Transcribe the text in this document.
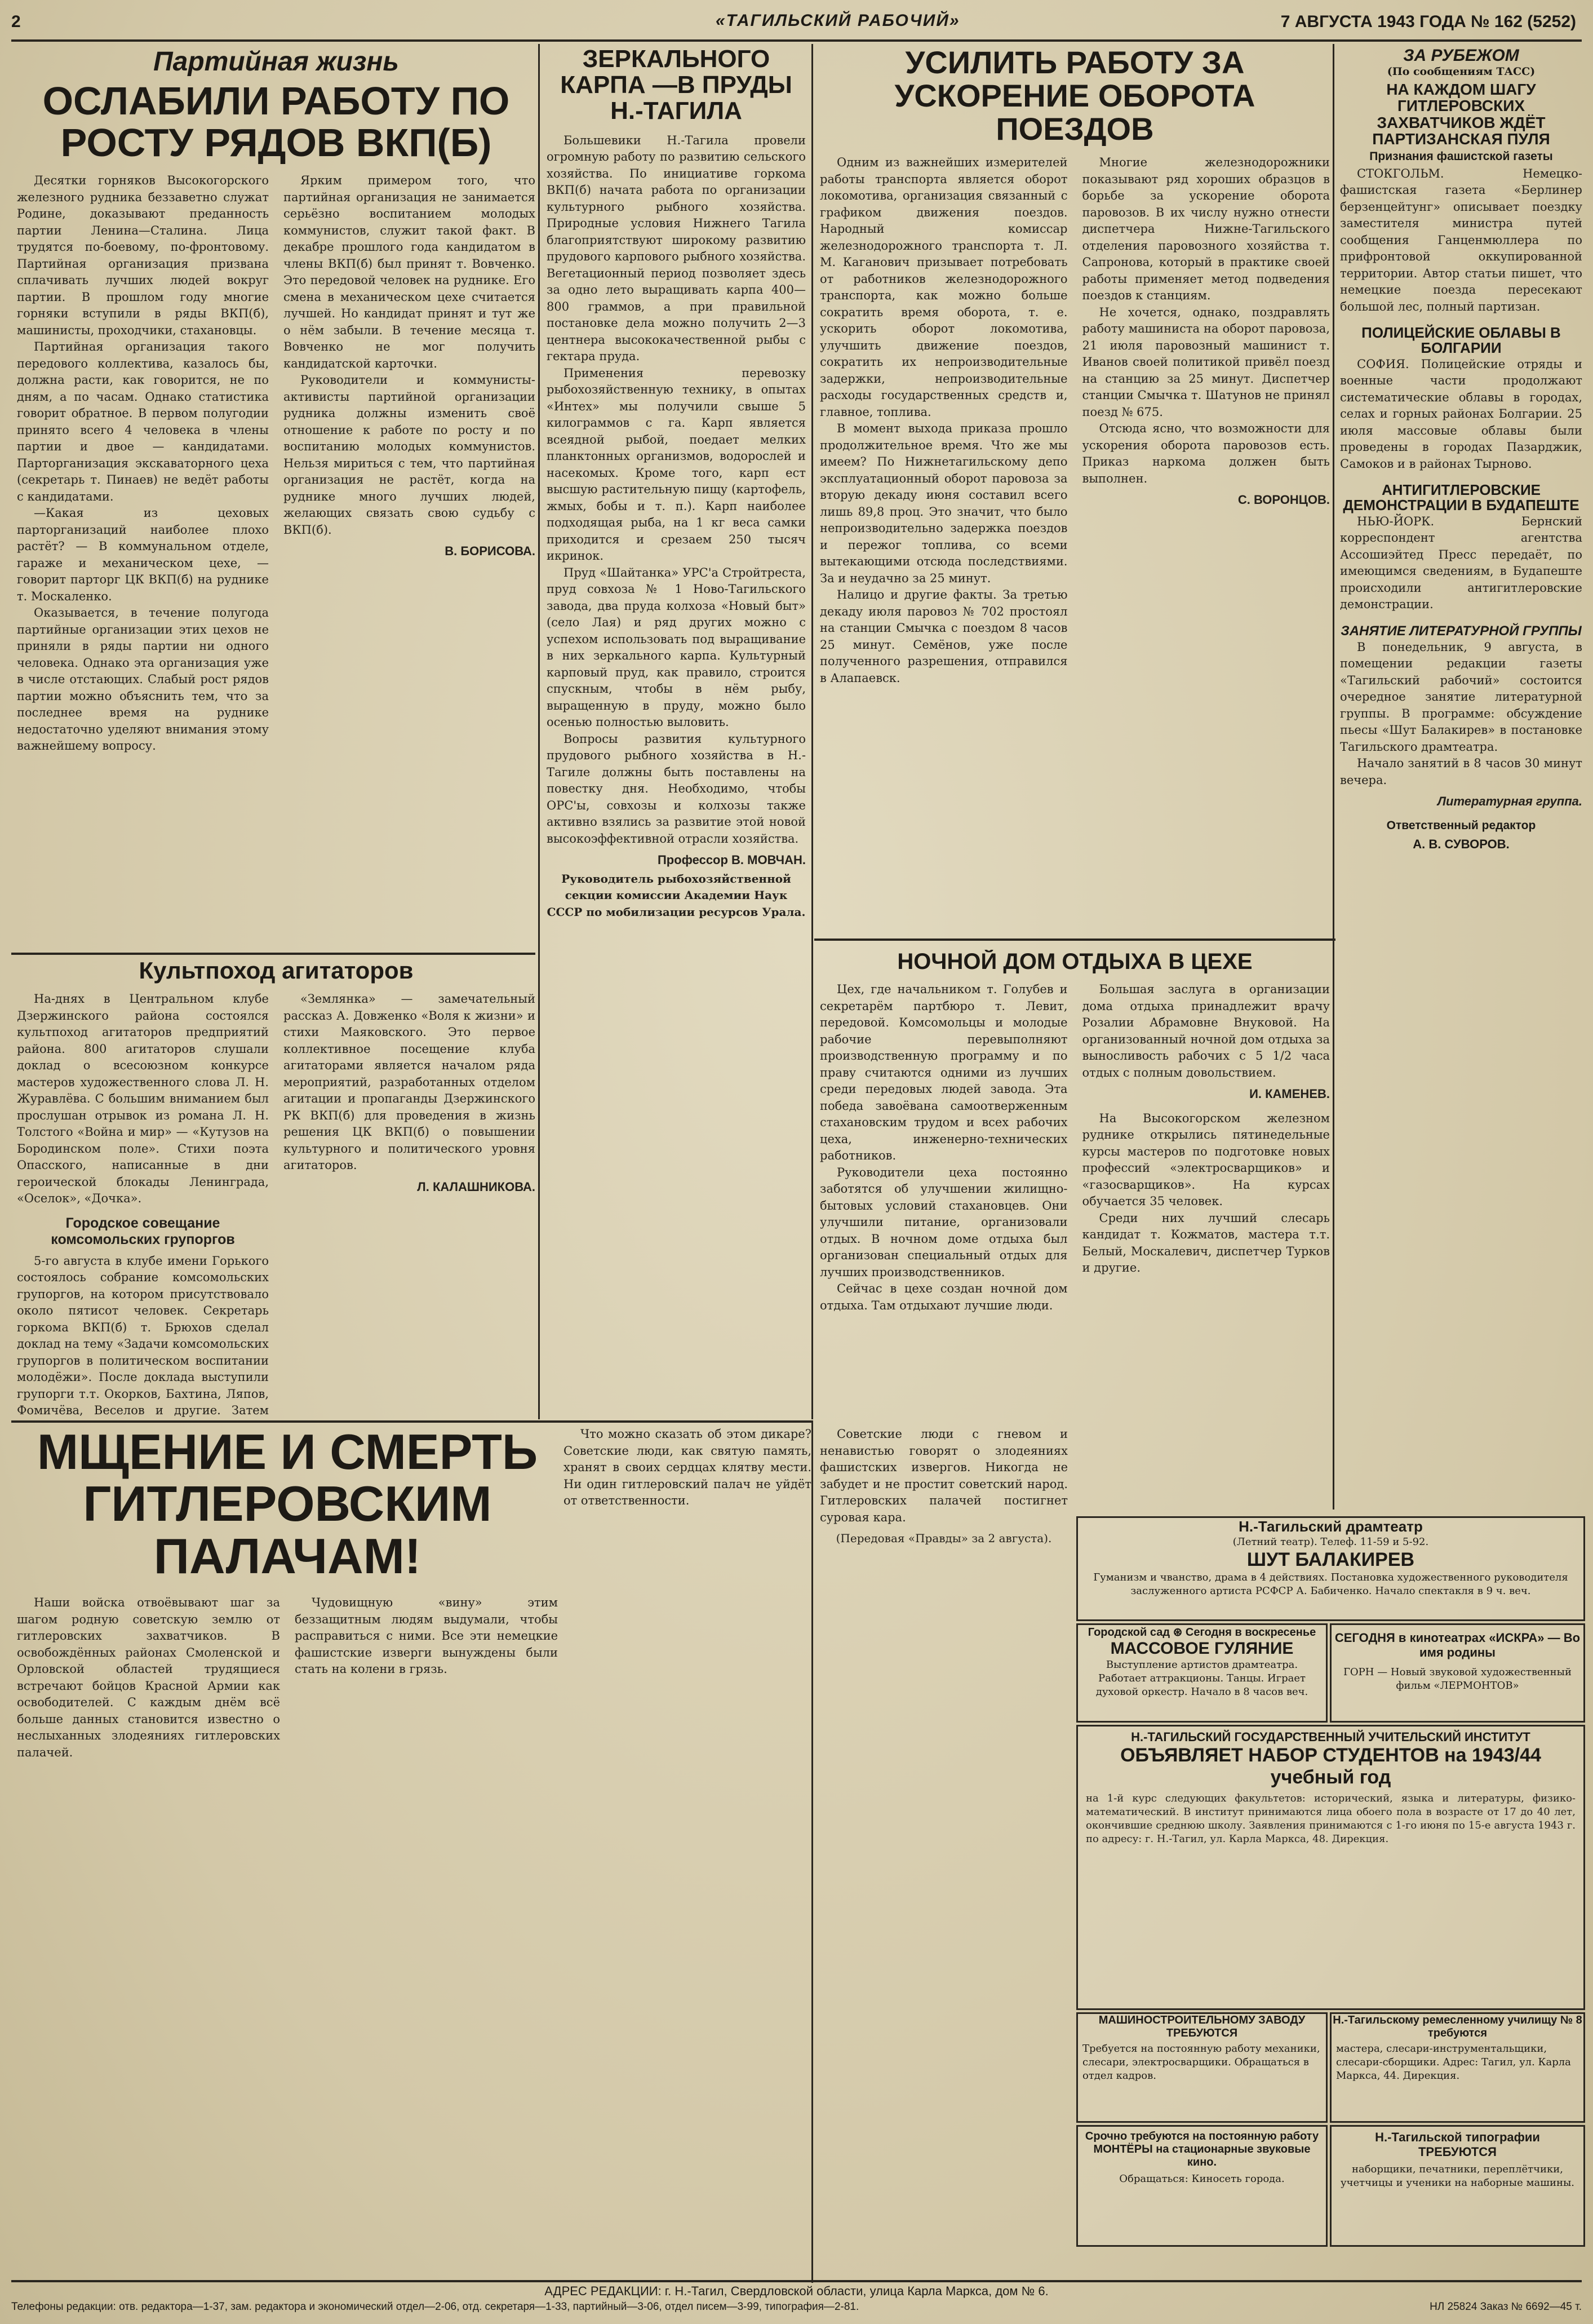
2	«ТАГИЛЬСКИЙ РАБОЧИЙ»	7 АВГУСТА 1943 ГОДА № 162 (5252)
Партийная жизнь
ОСЛАБИЛИ РАБОТУ ПО РОСТУ РЯДОВ ВКП(Б)

Десятки горняков Высокогорского железного рудника беззаветно служат Родине, доказывают преданность партии Ленина—Сталина. Лица трудятся по-боевому, по-фронтовому. Партийная организация призвана сплачивать лучших людей вокруг партии. В прошлом году многие горняки вступили в ряды ВКП(б), машинисты, проходчики, стахановцы.

Партийная организация такого передового коллектива, казалось бы, должна расти, как говорится, не по дням, а по часам. Однако статистика говорит обратное. В первом полугодии принято всего 4 человека в члены партии и двое — кандидатами. Парторганизация экскаваторного цеха (секретарь т. Пинаев) не ведёт работы с кандидатами.

—Какая из цеховых парторганизаций наиболее плохо растёт? — В коммунальном отделе, гараже и механическом цехе, — говорит парторг ЦК ВКП(б) на руднике т. Москаленко.

Оказывается, в течение полугода партийные организации этих цехов не приняли в ряды партии ни одного человека. Однако эта организация уже в числе отстающих. Слабый рост рядов партии можно объяснить тем, что за последнее время на руднике недостаточно уделяют внимания этому важнейшему вопросу.

Ярким примером того, что партийная организация не занимается серьёзно воспитанием молодых коммунистов, служит такой факт. В декабре прошлого года кандидатом в члены ВКП(б) был принят т. Вовченко. Это передовой человек на руднике. Его смена в механическом цехе считается лучшей. Но кандидат принят и тут же о нём забыли. В течение месяца т. Вовченко не мог получить кандидатской карточки.

Руководители и коммунисты-активисты партийной организации рудника должны изменить своё отношение к работе по росту и по воспитанию молодых коммунистов. Нельзя мириться с тем, что партийная организация не растёт, когда на руднике много лучших людей, желающих связать свою судьбу с ВКП(б).

В. БОРИСОВА.
Культпоход агитаторов

На-днях в Центральном клубе Дзержинского района состоялся культпоход агитаторов предприятий района. 800 агитаторов слушали доклад о всесоюзном конкурсе мастеров художественного слова Л. Н. Журавлёва. С большим вниманием был прослушан отрывок из романа Л. Н. Толстого «Война и мир» — «Кутузов на Бородинском поле». Стихи поэта Опасского, написанные в дни героической блокады Ленинграда, «Оселок», «Дочка».

Городское совещание комсомольских групоргов

5-го августа в клубе имени Горького состоялось собрание комсомольских групоргов, на котором присутствовало около пятисот человек. Секретарь горкома ВКП(б) т. Брюхов сделал доклад на тему «Задачи комсомольских групоргов в политическом воспитании молодёжи». После доклада выступили групорги т.т. Окорков, Бахтина, Ляпов, Фомичёва, Веселов и другие. Затем

«Землянка» — замечательный рассказ А. Довженко «Воля к жизни» и стихи Маяковского. Это первое коллективное посещение клуба агитаторами является началом ряда мероприятий, разработанных отделом агитации и пропаганды Дзержинского РК ВКП(б) для проведения в жизнь решения ЦК ВКП(б) о повышении культурного и политического уровня агитаторов.

Л. КАЛАШНИКОВА.
ЗЕРКАЛЬНОГО КАРПА —В ПРУДЫ Н.-ТАГИЛА

Большевики Н.-Тагила провели огромную работу по развитию сельского хозяйства. По инициативе горкома ВКП(б) начата работа по организации культурного рыбного хозяйства. Природные условия Нижнего Тагила благоприятствуют широкому развитию прудового карпового рыбного хозяйства. Вегетационный период позволяет здесь за одно лето выращивать карпа 400—800 граммов, а при правильной постановке дела можно получить 2—3 центнера высококачественной рыбы с гектара пруда.

Применения перевозку рыбохозяйственную технику, в опытах «Интех» мы получили свыше 5 килограммов с га. Карп является всеядной рыбой, поедает мелких планктонных организмов, водорослей и насекомых. Кроме того, карп ест высшую растительную пищу (картофель, жмых, бобы и т. п.). Карп наиболее подходящая рыба, на 1 кг веса самки приходится и срезаем 250 тысяч икринок.

Пруд «Шайтанка» УРС'а Стройтреста, пруд совхоза № 1 Ново-Тагильского завода, два пруда колхоза «Новый быт» (село Лая) и ряд других можно с успехом использовать под выращивание в них зеркального карпа. Культурный карповый пруд, как правило, строится спускным, чтобы в нём рыбу, выращенную в пруду, можно было осенью полностью выловить.

Вопросы развития культурного прудового рыбного хозяйства в Н.-Тагиле должны быть поставлены на повестку дня. Необходимо, чтобы ОРС'ы, совхозы и колхозы также активно взялись за развитие этой новой высокоэффективной отрасли хозяйства.

Профессор В. МОВЧАН.
Руководитель рыбохозяйственной секции комиссии Академии Наук СССР по мобилизации ресурсов Урала.
УСИЛИТЬ РАБОТУ ЗА УСКОРЕНИЕ ОБОРОТА ПОЕЗДОВ

Одним из важнейших измерителей работы транспорта является оборот локомотива, организация связанный с графиком движения поездов. Народный комиссар железнодорожного транспорта т. Л. М. Каганович призывает потребовать от работников железнодорожного транспорта, как можно больше сократить время оборота, т. е. ускорить оборот локомотива, улучшить движение поездов, сократить их непроизводительные задержки, непроизводительные расходы государственных средств и, главное, топлива.

В момент выхода приказа прошло продолжительное время. Что же мы имеем? По Нижнетагильскому депо эксплуатационный оборот паровоза за вторую декаду июня составил всего лишь 89,8 проц. Это значит, что было непроизводительно задержка поездов и пережог топлива, со всеми вытекающими отсюда последствиями. За и неудачно за 25 минут.

Налицо и другие факты. За третью декаду июля паровоз № 702 простоял на станции Смычка с поездом 8 часов 25 минут. Семёнов, уже после полученного разрешения, отправился в Алапаевск.

Многие железнодорожники показывают ряд хороших образцов в борьбе за ускорение оборота паровозов. В их числу нужно отнести диспетчера Нижне-Тагильского отделения паровозного хозяйства т. Сапронова, который в практике своей работы применяет метод подведения поездов к станциям.

Не хочется, однако, поздравлять работу машиниста на оборот паровоза, 21 июля паровозный машинист т. Иванов своей политикой привёл поезд на станцию за 25 минут. Диспетчер станции Смычка т. Шатунов не принял поезд № 675.

Отсюда ясно, что возможности для ускорения оборота паровозов есть. Приказ наркома должен быть выполнен.

С. ВОРОНЦОВ.
НОЧНОЙ ДОМ ОТДЫХА В ЦЕХЕ

Цех, где начальником т. Голубев и секретарём партбюро т. Левит, передовой. Комсомольцы и молодые рабочие перевыполняют производственную программу и по праву считаются одними из лучших среди передовых людей завода. Эта победа завоёвана самоотверженным стахановским трудом и всех рабочих цеха, инженерно-технических работников.

Руководители цеха постоянно заботятся об улучшении жилищно-бытовых условий стахановцев. Они улучшили питание, организовали отдых. В ночном доме отдыха был организован специальный отдых для лучших производственников.

Сейчас в цехе создан ночной дом отдыха. Там отдыхают лучшие люди.

Большая заслуга в организации дома отдыха принадлежит врачу Розалии Абрамовне Внуковой. На организованный ночной дом отдыха за выносливость рабочих с 5 1/2 часа отдых с полным довольствием.

И. КАМЕНЕВ.

На Высокогорском железном руднике открылись пятинедельные курсы мастеров по подготовке новых профессий «электросварщиков» и «газосварщиков». На курсах обучается 35 человек.

Среди них лучший слесарь кандидат т. Кожматов, мастера т.т. Белый, Москалевич, диспетчер Турков и другие.

ЗА РУБЕЖОМ
(По сообщениям ТАСС)
НА КАЖДОМ ШАГУ ГИТЛЕРОВСКИХ ЗАХВАТЧИКОВ ЖДЁТ ПАРТИЗАНСКАЯ ПУЛЯ
Признания фашистской газеты

СТОКГОЛЬМ. Немецко-фашистская газета «Берлинер берзенцейтунг» описывает поездку заместителя министра путей сообщения Ганценмюллера по прифронтовой оккупированной территории. Автор статьи пишет, что немецкие поезда пересекают большой лес, полный партизан.

ПОЛИЦЕЙСКИЕ ОБЛАВЫ В БОЛГАРИИ

СОФИЯ. Полицейские отряды и военные части продолжают систематические облавы в городах, селах и горных районах Болгарии. 25 июля массовые облавы были проведены в городах Пазарджик, Самоков и в районах Тырново.

АНТИГИТЛЕРОВСКИЕ ДЕМОНСТРАЦИИ В БУДАПЕШТЕ

НЬЮ-ЙОРК. Бернский корреспондент агентства Ассошиэйтед Пресс передаёт, по имеющимся сведениям, в Будапеште происходили антигитлеровские демонстрации.

ЗАНЯТИЕ ЛИТЕРАТУРНОЙ ГРУППЫ

В понедельник, 9 августа, в помещении редакции газеты «Тагильский рабочий» состоится очередное занятие литературной группы. В программе: обсуждение пьесы «Шут Балакирев» в постановке Тагильского драмтеатра.

Начало занятий в 8 часов 30 минут вечера.

Литературная группа.
Ответственный редактор
А. В. СУВОРОВ.
МЩЕНИЕ И СМЕРТЬ ГИТЛЕРОВСКИМ ПАЛАЧАМ!

Наши войска отвоёвывают шаг за шагом родную советскую землю от гитлеровских захватчиков. В освобождённых районах Смоленской и Орловской областей трудящиеся встречают бойцов Красной Армии как освободителей. С каждым днём всё больше данных становится известно о неслыханных злодеяниях гитлеровских палачей.

Чудовищную «вину» этим беззащитным людям выдумали, чтобы расправиться с ними. Все эти немецкие фашистские изверги вынуждены были стать на колени в грязь.

Что можно сказать об этом дикаре? Советские люди, как святую память, хранят в своих сердцах клятву мести. Ни один гитлеровский палач не уйдёт от ответственности.

Советские люди с гневом и ненавистью говорят о злодеяниях фашистских извергов. Никогда не забудет и не простит советский народ. Гитлеровских палачей постигнет суровая кара.

(Передовая «Правды» за 2 августа).
Н.-Тагильский драмтеатр
(Летний театр). Телеф. 11-59 и 5-92.
ШУТ БАЛАКИРЕВ
Гуманизм и чванство, драма в 4 действиях. Постановка художественного руководителя заслуженного артиста РСФСР А. Бабиченко. Начало спектакля в 9 ч. веч.
Городской сад ⊛ Сегодня в воскресенье
МАССОВОЕ ГУЛЯНИЕ
Выступление артистов драмтеатра. Работает аттракционы. Танцы. Играет духовой оркестр. Начало в 8 часов веч.
СЕГОДНЯ в кинотеатрах «ИСКРА» — Во имя родины
ГОРН — Новый звуковой художественный фильм «ЛЕРМОНТОВ»
Н.-ТАГИЛЬСКИЙ ГОСУДАРСТВЕННЫЙ УЧИТЕЛЬСКИЙ ИНСТИТУТ
ОБЪЯВЛЯЕТ НАБОР СТУДЕНТОВ на 1943/44 учебный год
на 1-й курс следующих факультетов: исторический, языка и литературы, физико-математический. В институт принимаются лица обоего пола в возрасте от 17 до 40 лет, окончившие среднюю школу. Заявления принимаются с 1-го июня по 15-е августа 1943 г. по адресу: г. Н.-Тагил, ул. Карла Маркса, 48. Дирекция.
МАШИНОСТРОИТЕЛЬНОМУ ЗАВОДУ ТРЕБУЮТСЯ
Требуется на постоянную работу механики, слесари, электросварщики. Обращаться в отдел кадров.
Н.-Тагильскому ремесленному училищу № 8 требуются
мастера, слесари-инструментальщики, слесари-сборщики. Адрес: Тагил, ул. Карла Маркса, 44. Дирекция.
Срочно требуются на постоянную работу МОНТЁРЫ на стационарные звуковые кино.
Обращаться: Киносеть города.
Н.-Тагильской типографии ТРЕБУЮТСЯ
наборщики, печатники, переплётчики, учетчицы и ученики на наборные машины.
АДРЕС РЕДАКЦИИ: г. Н.-Тагил, Свердловской области, улица Карла Маркса, дом № 6.
Телефоны редакции: отв. редактора—1-37, зам. редактора и экономический отдел—2-06, отд. секретаря—1-33, партийный—3-06, отдел писем—3-99, типография—2-81.	НЛ 25824 Заказ № 6692—45 т.
